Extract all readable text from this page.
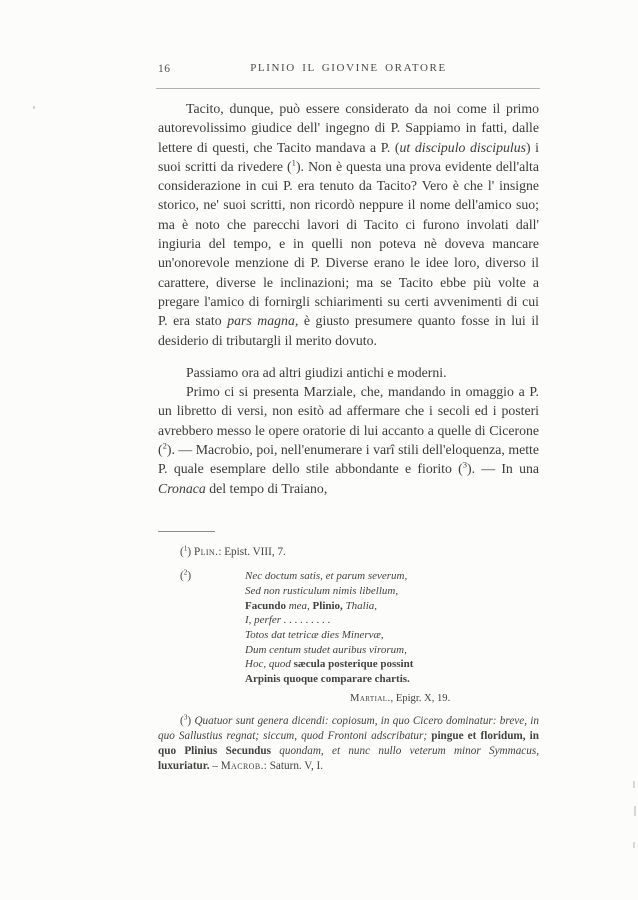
16	PLINIO IL GIOVINE ORATORE

Tacito, dunque, può essere considerato da noi come il primo autorevolissimo giudice dell' ingegno di P. Sappiamo in fatti, dalle lettere di questi, che Tacito mandava a P. (ut discipulo discipulus) i suoi scritti da rivedere ($^1$). Non è questa una prova evidente dell'alta considerazione in cui P. era tenuto da Tacito? Vero è che l' insigne storico, ne' suoi scritti, non ricordò neppure il nome dell'amico suo; ma è noto che parecchi lavori di Tacito ci furono involati dall' ingiuria del tempo, e in quelli non poteva nè doveva mancare un'onorevole menzione di P. Diverse erano le idee loro, diverso il carattere, diverse le inclinazioni; ma se Tacito ebbe più volte a pregare l'amico di fornirgli schiarimenti su certi avvenimenti di cui P. era stato pars magna, è giusto presumere quanto fosse in lui il desiderio di tributargli il merito dovuto.

Passiamo ora ad altri giudizi antichi e moderni.

Primo ci si presenta Marziale, che, mandando in omaggio a P. un libretto di versi, non esitò ad affermare che i secoli ed i posteri avrebbero messo le opere oratorie di lui accanto a quelle di Cicerone ($^2$). — Macrobio, poi, nell'enumerare i varî stili dell'eloquenza, mette P. quale esemplare dello stile abbondante e fiorito ($^3$). — In una Cronaca del tempo di Traiano,

($^1$) Plin.: Epist. VIII, 7.
($^2$)	Nec doctum satis, et parum severum,
Sed non rusticulum nimis libellum,
Facundo mea, Plinio, Thalia,
I, perfer . . . . . . . . .
Totos dat tetricæ dies Minervæ,
Dum centum studet auribus virorum,
Hoc, quod sæcula posterique possint
Arpinis quoque comparare chartis.
Martial., Epigr. X, 19.
($^3$) Quatuor sunt genera dicendi: copiosum, in quo Cicero dominatur: breve, in quo Sallustius regnat; siccum, quod Frontoni adscribatur; pingue et floridum, in quo Plinius Secundus quondam, et nunc nullo veterum minor Symmacus, luxuriatur. – Macrob.: Saturn. V, I.
